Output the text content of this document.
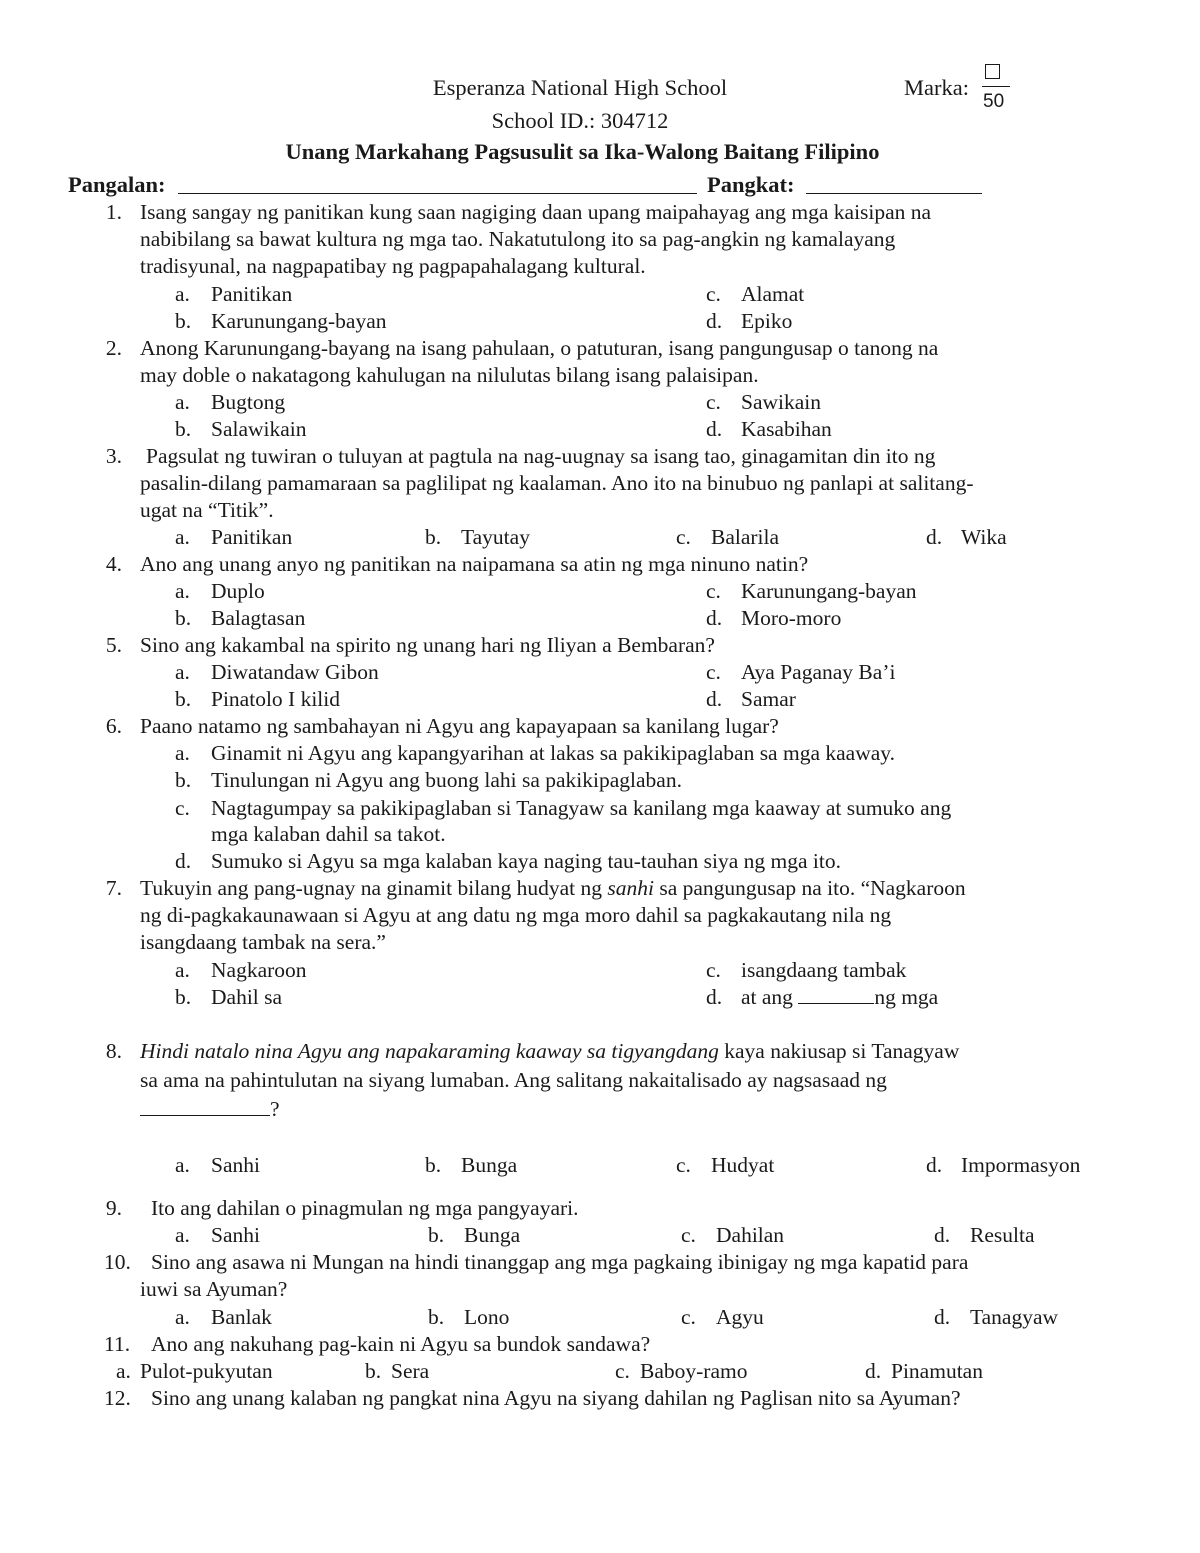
Esperanza National High School	Marka:
50
School ID.: 304712
Unang Markahang Pagsusulit sa Ika-Walong Baitang Filipino
Pangalan:	Pangkat:
1. Isang sangay ng panitikan kung saan nagiging daan upang maipahayag ang mga kaisipan na
nabibilang sa bawat kultura ng mga tao. Nakatutulong ito sa pag-angkin ng kamalayang
tradisyunal, na nagpapatibay ng pagpapahalagang kultural.
a. Panitikan	c. Alamat
b. Karunungang-bayan	d. Epiko
2. Anong Karunungang-bayang na isang pahulaan, o patuturan, isang pangungusap o tanong na
may doble o nakatagong kahulugan na nilulutas bilang isang palaisipan.
a. Bugtong	c. Sawikain
b. Salawikain	d. Kasabihan
3. Pagsulat ng tuwiran o tuluyan at pagtula na nag-uugnay sa isang tao, ginagamitan din ito ng
pasalin-dilang pamamaraan sa paglilipat ng kaalaman. Ano ito na binubuo ng panlapi at salitang-
ugat na “Titik”.
a. Panitikan	b. Tayutay	c. Balarila	d. Wika
4. Ano ang unang anyo ng panitikan na naipamana sa atin ng mga ninuno natin?
a. Duplo	c. Karunungang-bayan
b. Balagtasan	d. Moro-moro
5. Sino ang kakambal na spirito ng unang hari ng Iliyan a Bembaran?
a. Diwatandaw Gibon	c. Aya Paganay Ba’i
b. Pinatolo I kilid	d. Samar
6. Paano natamo ng sambahayan ni Agyu ang kapayapaan sa kanilang lugar?
a. Ginamit ni Agyu ang kapangyarihan at lakas sa pakikipaglaban sa mga kaaway.
b. Tinulungan ni Agyu ang buong lahi sa pakikipaglaban.
c. Nagtagumpay sa pakikipaglaban si Tanagyaw sa kanilang mga kaaway at sumuko ang
mga kalaban dahil sa takot.
d. Sumuko si Agyu sa mga kalaban kaya naging tau-tauhan siya ng mga ito.
7. Tukuyin ang pang-ugnay na ginamit bilang hudyat ng sanhi sa pangungusap na ito. “Nagkaroon
ng di-pagkakaunawaan si Agyu at ang datu ng mga moro dahil sa pagkakautang nila ng
isangdaang tambak na sera.”
a. Nagkaroon	c. isangdaang tambak
b. Dahil sa	d. at ang	ng mga
8. Hindi natalo nina Agyu ang napakaraming kaaway sa tigyangdang kaya nakiusap si Tanagyaw
sa ama na pahintulutan na siyang lumaban. Ang salitang nakaitalisado ay nagsasaad ng
?
a. Sanhi	b. Bunga	c. Hudyat	d. Impormasyon
9. Ito ang dahilan o pinagmulan ng mga pangyayari.
a. Sanhi	b. Bunga	c. Dahilan	d. Resulta
10. Sino ang asawa ni Mungan na hindi tinanggap ang mga pagkaing ibinigay ng mga kapatid para
iuwi sa Ayuman?
a. Banlak	b. Lono	c. Agyu	d. Tanagyaw
11. Ano ang nakuhang pag-kain ni Agyu sa bundok sandawa?
a. Pulot-pukyutan	b. Sera	c. Baboy-ramo	d. Pinamutan
12. Sino ang unang kalaban ng pangkat nina Agyu na siyang dahilan ng Paglisan nito sa Ayuman?
